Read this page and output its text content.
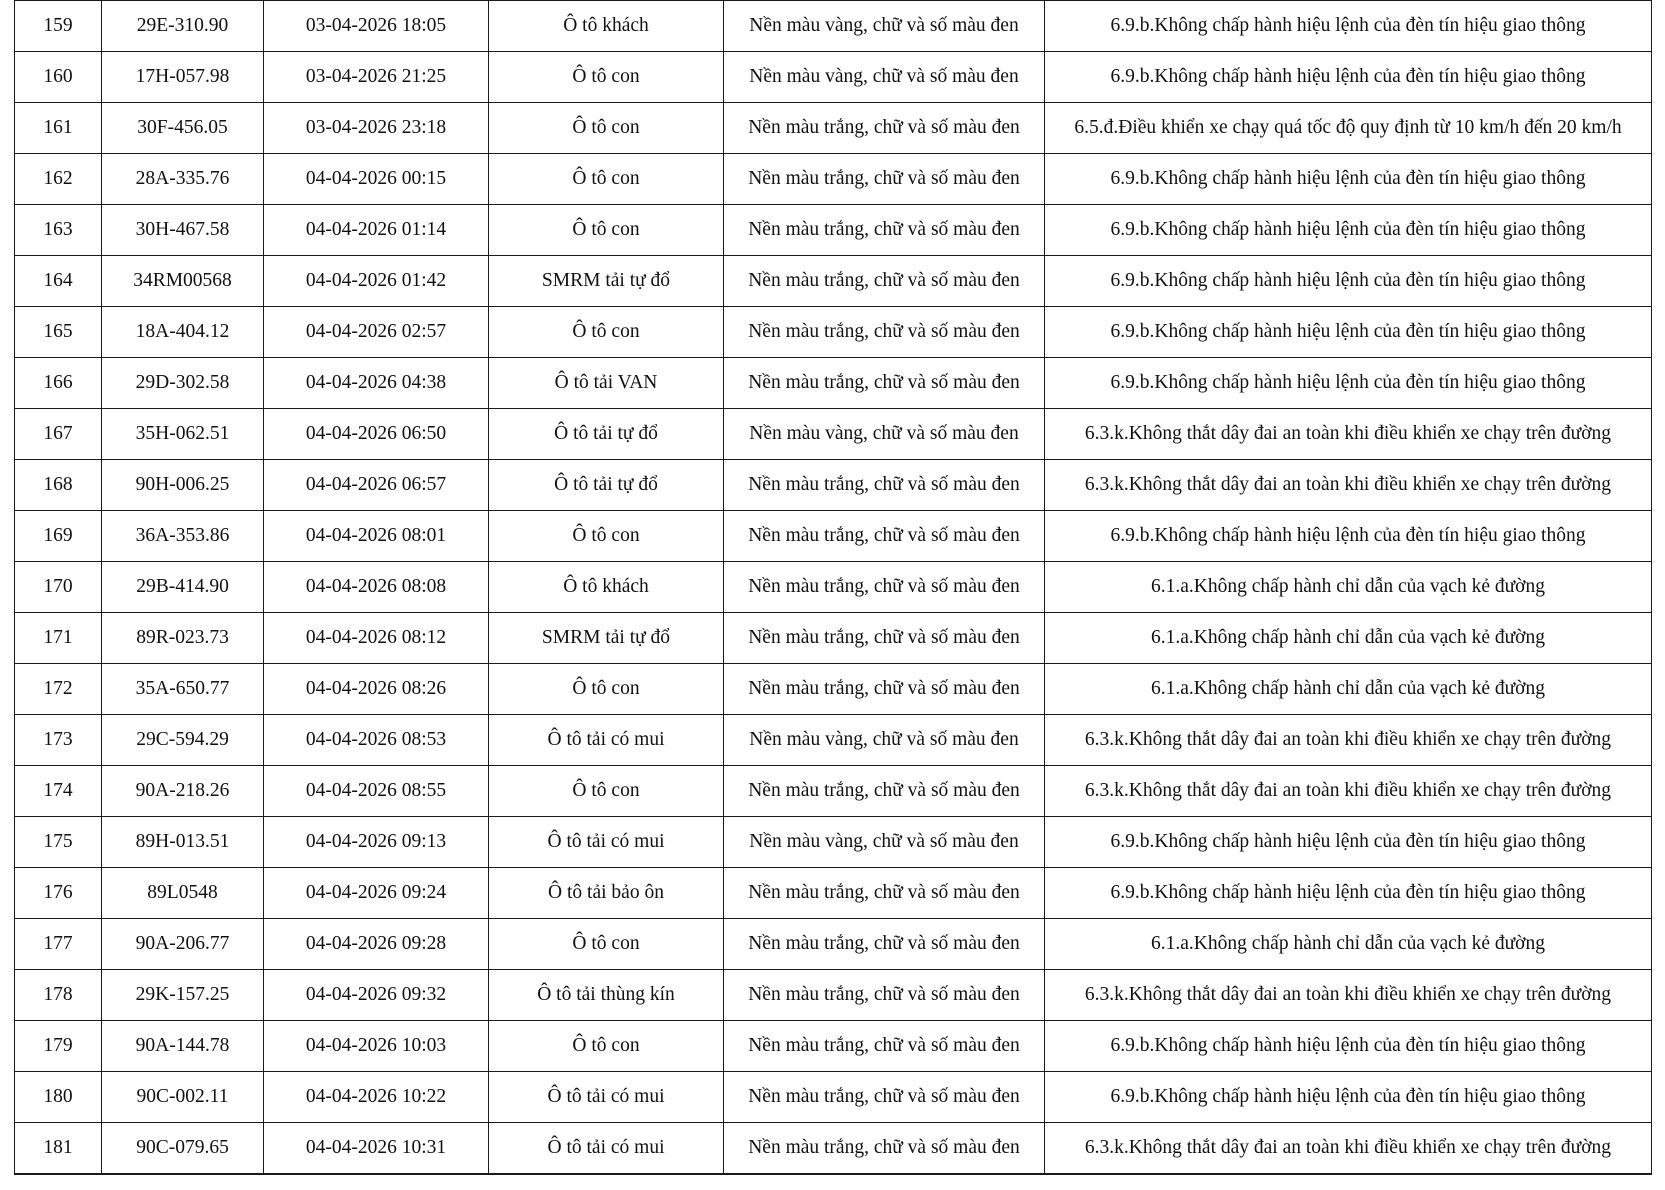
159	29E-310.90	03-04-2026 18:05	Ô tô khách	Nền màu vàng, chữ và số màu đen	6.9.b.Không chấp hành hiệu lệnh của đèn tín hiệu giao thông
160	17H-057.98	03-04-2026 21:25	Ô tô con	Nền màu vàng, chữ và số màu đen	6.9.b.Không chấp hành hiệu lệnh của đèn tín hiệu giao thông
161	30F-456.05	03-04-2026 23:18	Ô tô con	Nền màu trắng, chữ và số màu đen	6.5.đ.Điều khiển xe chạy quá tốc độ quy định từ 10 km/h đến 20 km/h
162	28A-335.76	04-04-2026 00:15	Ô tô con	Nền màu trắng, chữ và số màu đen	6.9.b.Không chấp hành hiệu lệnh của đèn tín hiệu giao thông
163	30H-467.58	04-04-2026 01:14	Ô tô con	Nền màu trắng, chữ và số màu đen	6.9.b.Không chấp hành hiệu lệnh của đèn tín hiệu giao thông
164	34RM00568	04-04-2026 01:42	SMRM tải tự đổ	Nền màu trắng, chữ và số màu đen	6.9.b.Không chấp hành hiệu lệnh của đèn tín hiệu giao thông
165	18A-404.12	04-04-2026 02:57	Ô tô con	Nền màu trắng, chữ và số màu đen	6.9.b.Không chấp hành hiệu lệnh của đèn tín hiệu giao thông
166	29D-302.58	04-04-2026 04:38	Ô tô tải VAN	Nền màu trắng, chữ và số màu đen	6.9.b.Không chấp hành hiệu lệnh của đèn tín hiệu giao thông
167	35H-062.51	04-04-2026 06:50	Ô tô tải tự đổ	Nền màu vàng, chữ và số màu đen	6.3.k.Không thắt dây đai an toàn khi điều khiển xe chạy trên đường
168	90H-006.25	04-04-2026 06:57	Ô tô tải tự đổ	Nền màu trắng, chữ và số màu đen	6.3.k.Không thắt dây đai an toàn khi điều khiển xe chạy trên đường
169	36A-353.86	04-04-2026 08:01	Ô tô con	Nền màu trắng, chữ và số màu đen	6.9.b.Không chấp hành hiệu lệnh của đèn tín hiệu giao thông
170	29B-414.90	04-04-2026 08:08	Ô tô khách	Nền màu trắng, chữ và số màu đen	6.1.a.Không chấp hành chỉ dẫn của vạch kẻ đường
171	89R-023.73	04-04-2026 08:12	SMRM tải tự đổ	Nền màu trắng, chữ và số màu đen	6.1.a.Không chấp hành chỉ dẫn của vạch kẻ đường
172	35A-650.77	04-04-2026 08:26	Ô tô con	Nền màu trắng, chữ và số màu đen	6.1.a.Không chấp hành chỉ dẫn của vạch kẻ đường
173	29C-594.29	04-04-2026 08:53	Ô tô tải có mui	Nền màu vàng, chữ và số màu đen	6.3.k.Không thắt dây đai an toàn khi điều khiển xe chạy trên đường
174	90A-218.26	04-04-2026 08:55	Ô tô con	Nền màu trắng, chữ và số màu đen	6.3.k.Không thắt dây đai an toàn khi điều khiển xe chạy trên đường
175	89H-013.51	04-04-2026 09:13	Ô tô tải có mui	Nền màu vàng, chữ và số màu đen	6.9.b.Không chấp hành hiệu lệnh của đèn tín hiệu giao thông
176	89L0548	04-04-2026 09:24	Ô tô tải bảo ôn	Nền màu trắng, chữ và số màu đen	6.9.b.Không chấp hành hiệu lệnh của đèn tín hiệu giao thông
177	90A-206.77	04-04-2026 09:28	Ô tô con	Nền màu trắng, chữ và số màu đen	6.1.a.Không chấp hành chỉ dẫn của vạch kẻ đường
178	29K-157.25	04-04-2026 09:32	Ô tô tải thùng kín	Nền màu trắng, chữ và số màu đen	6.3.k.Không thắt dây đai an toàn khi điều khiển xe chạy trên đường
179	90A-144.78	04-04-2026 10:03	Ô tô con	Nền màu trắng, chữ và số màu đen	6.9.b.Không chấp hành hiệu lệnh của đèn tín hiệu giao thông
180	90C-002.11	04-04-2026 10:22	Ô tô tải có mui	Nền màu trắng, chữ và số màu đen	6.9.b.Không chấp hành hiệu lệnh của đèn tín hiệu giao thông
181	90C-079.65	04-04-2026 10:31	Ô tô tải có mui	Nền màu trắng, chữ và số màu đen	6.3.k.Không thắt dây đai an toàn khi điều khiển xe chạy trên đường
